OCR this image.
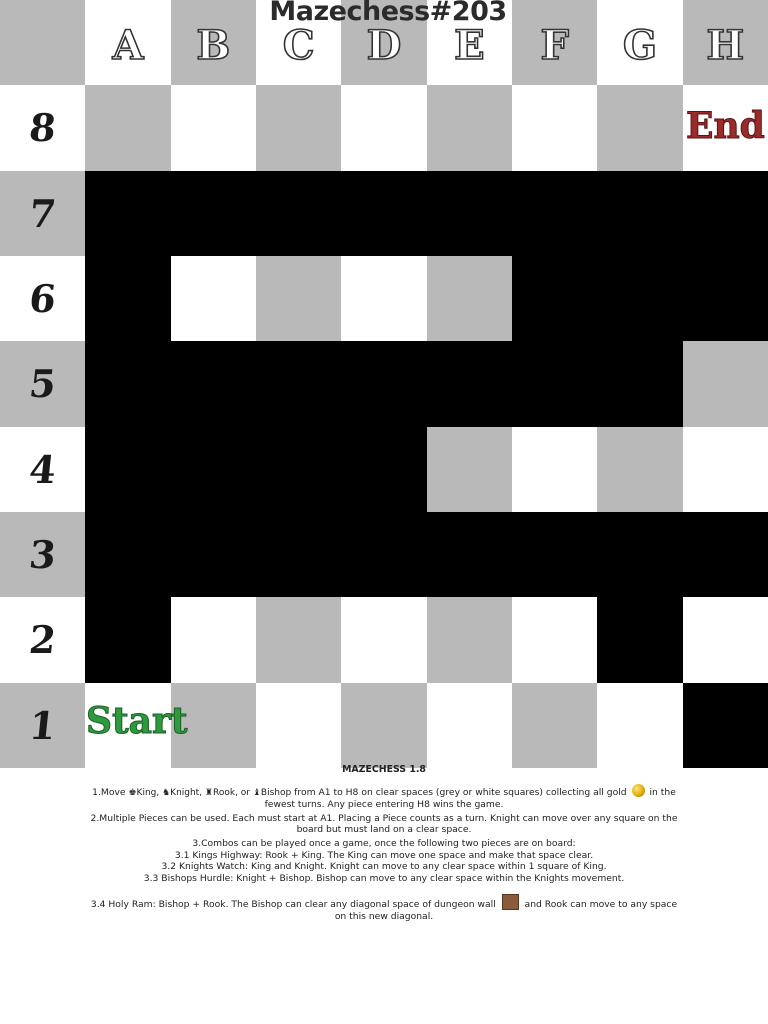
A	B	C	D	E	F	G	H
8
7
6
5
4
3
2
1
Mazechess#203
End
Start
MAZECHESS 1.8

1.Move ♚King, ♞Knight, ♜Rook, or ♝Bishop from A1 to H8 on clear spaces (grey or white squares) collecting all gold  in the fewest turns. Any piece entering H8 wins the game.

2.Multiple Pieces can be used. Each must start at A1. Placing a Piece counts as a turn. Knight can move over any square on the board but must land on a clear space.

3.Combos can be played once a game, once the following two pieces are on board:

3.1 Kings Highway: Rook + King. The King can move one space and make that space clear.

3.2 Knights Watch: King and Knight. Knight can move to any clear space within 1 square of King.

3.3 Bishops Hurdle: Knight + Bishop. Bishop can move to any clear space within the Knights movement.

3.4 Holy Ram: Bishop + Rook. The Bishop can clear any diagonal space of dungeon wall	and Rook can move to any space on this new diagonal.
